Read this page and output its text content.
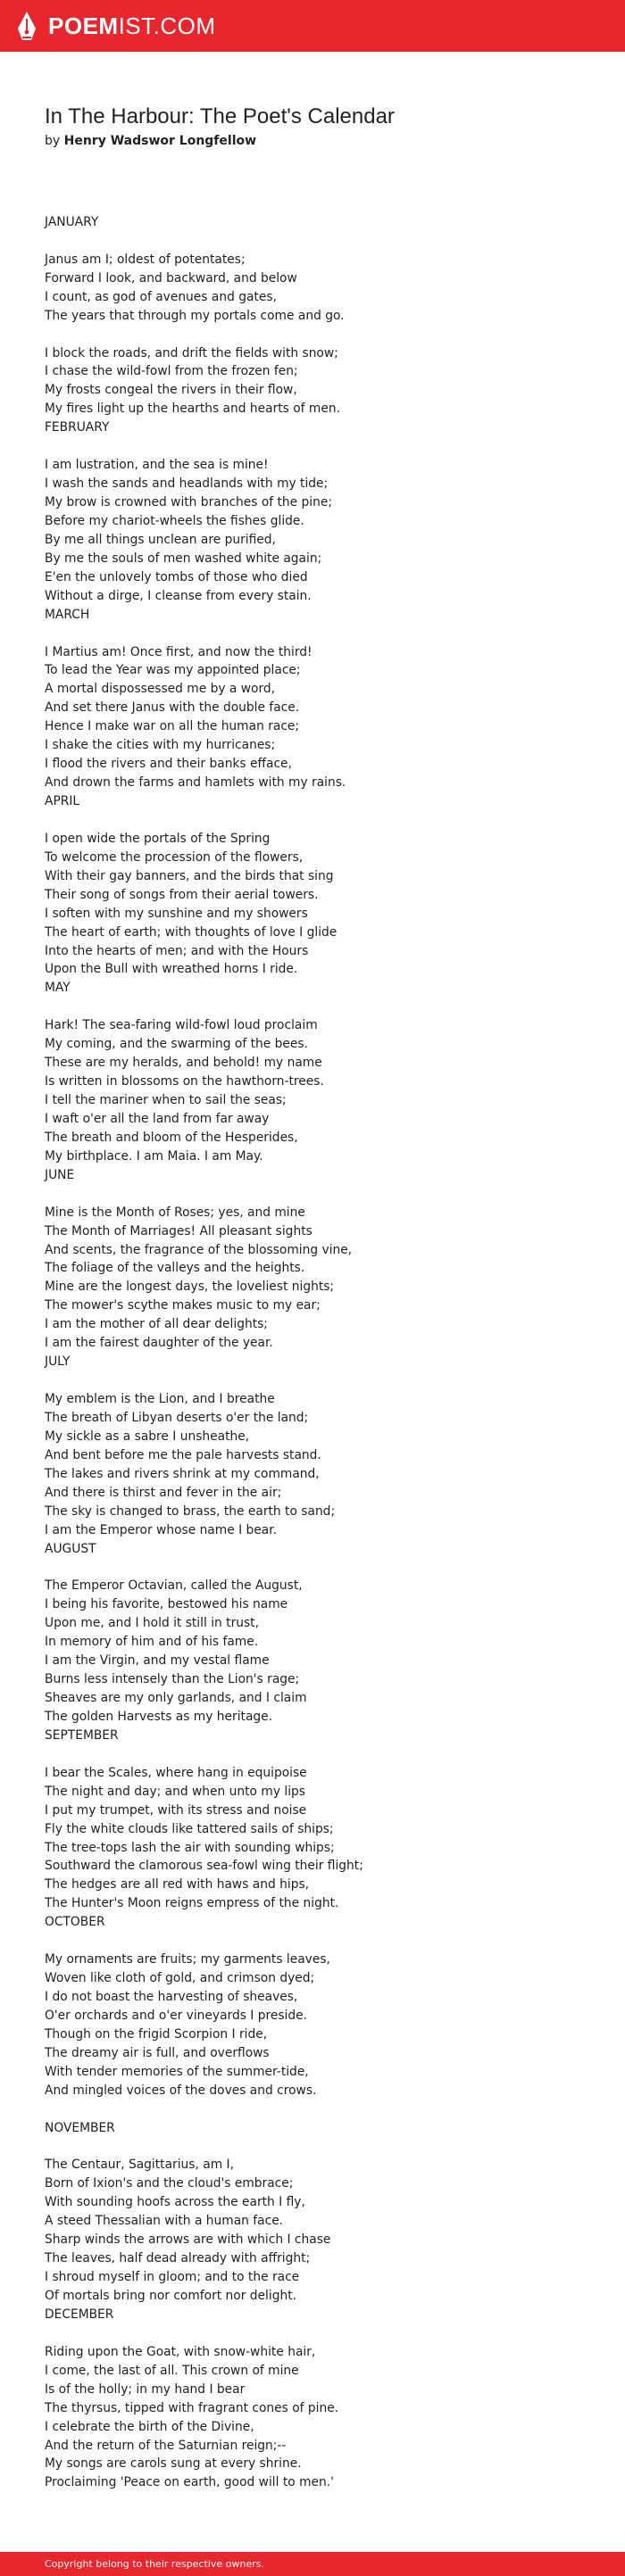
POEMIST.COM
In The Harbour: The Poet's Calendar

by Henry Wadswor Longfellow

JANUARY
Janus am I; oldest of potentates;
Forward I look, and backward, and below
I count, as god of avenues and gates,
The years that through my portals come and go.
I block the roads, and drift the fields with snow;
I chase the wild-fowl from the frozen fen;
My frosts congeal the rivers in their flow,
My fires light up the hearths and hearts of men.
FEBRUARY
I am lustration, and the sea is mine!
I wash the sands and headlands with my tide;
My brow is crowned with branches of the pine;
Before my chariot-wheels the fishes glide.
By me all things unclean are purified,
By me the souls of men washed white again;
E'en the unlovely tombs of those who died
Without a dirge, I cleanse from every stain.
MARCH
I Martius am! Once first, and now the third!
To lead the Year was my appointed place;
A mortal dispossessed me by a word,
And set there Janus with the double face.
Hence I make war on all the human race;
I shake the cities with my hurricanes;
I flood the rivers and their banks efface,
And drown the farms and hamlets with my rains.
APRIL
I open wide the portals of the Spring
To welcome the procession of the flowers,
With their gay banners, and the birds that sing
Their song of songs from their aerial towers.
I soften with my sunshine and my showers
The heart of earth; with thoughts of love I glide
Into the hearts of men; and with the Hours
Upon the Bull with wreathed horns I ride.
MAY
Hark! The sea-faring wild-fowl loud proclaim
My coming, and the swarming of the bees.
These are my heralds, and behold! my name
Is written in blossoms on the hawthorn-trees.
I tell the mariner when to sail the seas;
I waft o'er all the land from far away
The breath and bloom of the Hesperides,
My birthplace. I am Maia. I am May.
JUNE
Mine is the Month of Roses; yes, and mine
The Month of Marriages! All pleasant sights
And scents, the fragrance of the blossoming vine,
The foliage of the valleys and the heights.
Mine are the longest days, the loveliest nights;
The mower's scythe makes music to my ear;
I am the mother of all dear delights;
I am the fairest daughter of the year.
JULY
My emblem is the Lion, and I breathe
The breath of Libyan deserts o'er the land;
My sickle as a sabre I unsheathe,
And bent before me the pale harvests stand.
The lakes and rivers shrink at my command,
And there is thirst and fever in the air;
The sky is changed to brass, the earth to sand;
I am the Emperor whose name I bear.
AUGUST
The Emperor Octavian, called the August,
I being his favorite, bestowed his name
Upon me, and I hold it still in trust,
In memory of him and of his fame.
I am the Virgin, and my vestal flame
Burns less intensely than the Lion's rage;
Sheaves are my only garlands, and I claim
The golden Harvests as my heritage.
SEPTEMBER
I bear the Scales, where hang in equipoise
The night and day; and when unto my lips
I put my trumpet, with its stress and noise
Fly the white clouds like tattered sails of ships;
The tree-tops lash the air with sounding whips;
Southward the clamorous sea-fowl wing their flight;
The hedges are all red with haws and hips,
The Hunter's Moon reigns empress of the night.
OCTOBER
My ornaments are fruits; my garments leaves,
Woven like cloth of gold, and crimson dyed;
I do not boast the harvesting of sheaves,
O'er orchards and o'er vineyards I preside.
Though on the frigid Scorpion I ride,
The dreamy air is full, and overflows
With tender memories of the summer-tide,
And mingled voices of the doves and crows.
NOVEMBER
The Centaur, Sagittarius, am I,
Born of Ixion's and the cloud's embrace;
With sounding hoofs across the earth I fly,
A steed Thessalian with a human face.
Sharp winds the arrows are with which I chase
The leaves, half dead already with affright;
I shroud myself in gloom; and to the race
Of mortals bring nor comfort nor delight.
DECEMBER
Riding upon the Goat, with snow-white hair,
I come, the last of all. This crown of mine
Is of the holly; in my hand I bear
The thyrsus, tipped with fragrant cones of pine.
I celebrate the birth of the Divine,
And the return of the Saturnian reign;--
My songs are carols sung at every shrine.
Proclaiming 'Peace on earth, good will to men.'
Copyright belong to their respective owners.
